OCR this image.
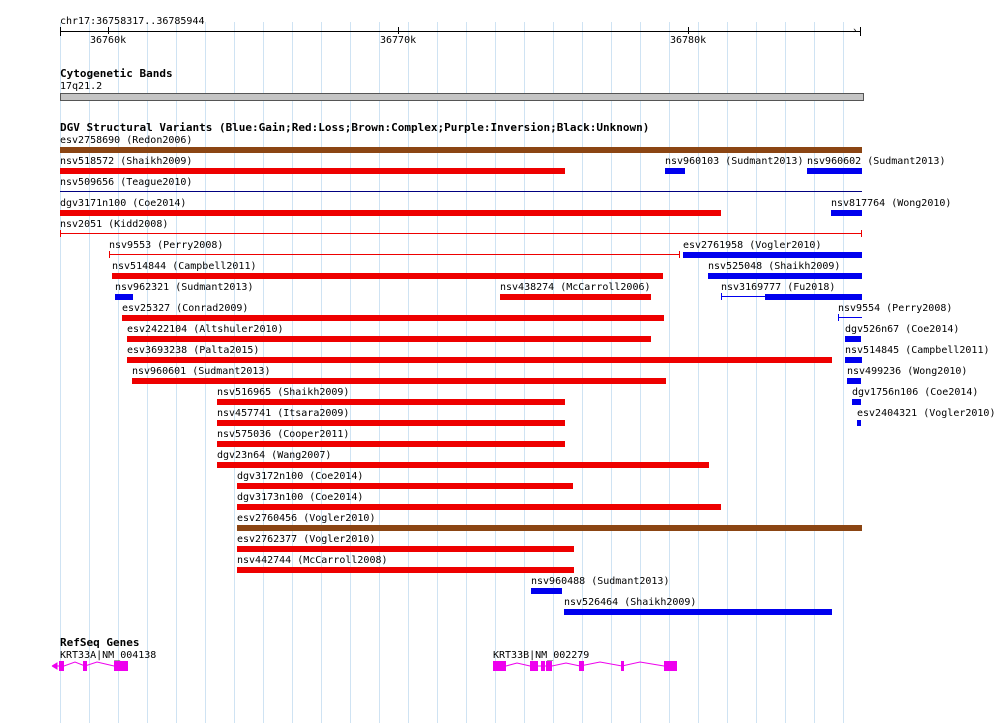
chr17:36758317..36785944
›
36760k	36770k	36780k
Cytogenetic Bands
17q21.2
DGV Structural Variants (Blue:Gain;Red:Loss;Brown:Complex;Purple:Inversion;Black:Unknown)
esv2758690 (Redon2006)
nsv518572 (Shaikh2009)	nsv960103 (Sudmant2013) nsv960602 (Sudmant2013)
nsv509656 (Teague2010)
dgv3171n100 (Coe2014)	nsv817764 (Wong2010)
nsv2051 (Kidd2008)
nsv9553 (Perry2008)	esv2761958 (Vogler2010)
nsv514844 (Campbell2011)	nsv525048 (Shaikh2009)
nsv962321 (Sudmant2013)	nsv438274 (McCarroll2006)	nsv3169777 (Fu2018)
esv25327 (Conrad2009)	nsv9554 (Perry2008)
esv2422104 (Altshuler2010)	dgv526n67 (Coe2014)
esv3693238 (Palta2015)	nsv514845 (Campbell2011)
nsv960601 (Sudmant2013)	nsv499236 (Wong2010)
dgv1756n106 (Coe2014)
nsv516965 (Shaikh2009)
esv2404321 (Vogler2010)
nsv457741 (Itsara2009)
nsv575036 (Cooper2011)
dgv23n64 (Wang2007)
dgv3172n100 (Coe2014)
dgv3173n100 (Coe2014)
esv2760456 (Vogler2010)
esv2762377 (Vogler2010)
nsv442744 (McCarroll2008)
nsv960488 (Sudmant2013)
nsv526464 (Shaikh2009)
RefSeq Genes
KRT33A|NM_004138	KRT33B|NM_002279
